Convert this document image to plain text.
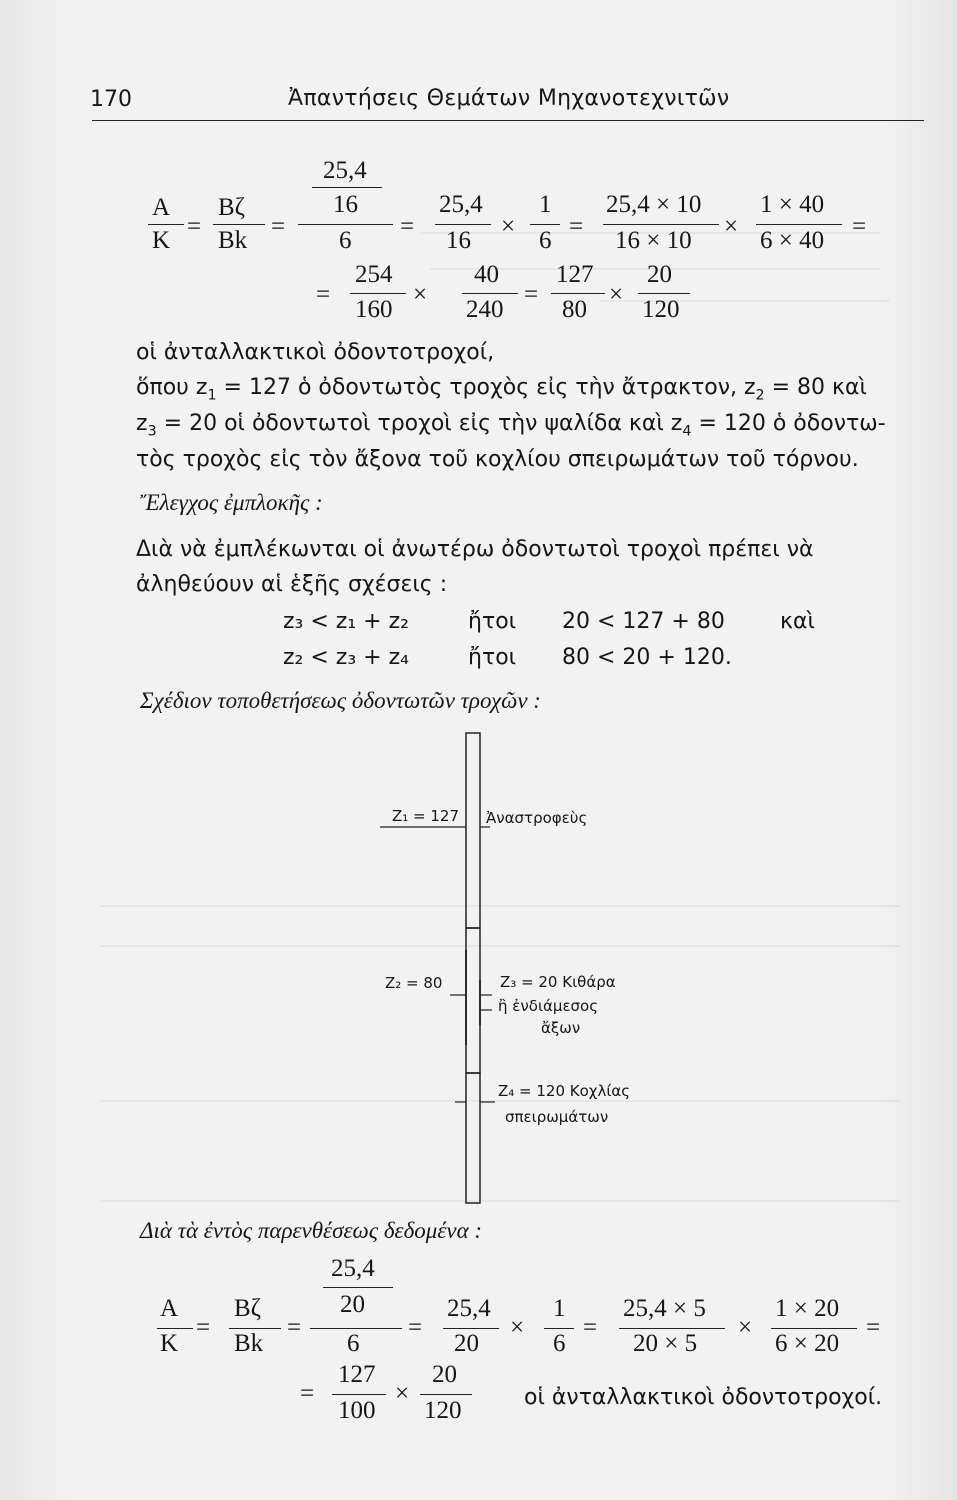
170	Ἀπαντήσεις Θεμάτων Μηχανοτεχνιτῶν
A
K
=
Bζ
Bk
=
25,4
16
6
=
25,4
16
×
1
6
=
25,4 × 10
16 × 10
×
1 × 40
6 × 40
=
=
254
160
×
40
240
=
127
80
×
20
120
οἱ ἀνταλλακτικοὶ ὀδοντοτροχοί,
ὅπου $z_1 = 127$ ὁ ὀδοντωτὸς τροχὸς εἰς τὴν ἄτρακτον, $z_2 = 80$ καὶ
$z_3 = 20$ οἱ ὀδοντωτοὶ τροχοὶ εἰς τὴν ψαλίδα καὶ $z_4 = 120$ ὁ ὀδοντω-
τὸς τροχὸς εἰς τὸν ἄξονα τοῦ κοχλίου σπειρωμάτων τοῦ τόρνου.
Ἔλεγχος ἐμπλοκῆς :
Διὰ νὰ ἐμπλέκωνται οἱ ἀνωτέρω ὀδοντωτοὶ τροχοὶ πρέπει νὰ
ἀληθεύουν αἱ ἑξῆς σχέσεις :
z₃ < z₁ + z₂	ἤτοι 20 < 127 + 80	καὶ
z₂ < z₃ + z₄	ἤτοι 80 < 20 + 120.
Σχέδιον τοποθετήσεως ὀδοντωτῶν τροχῶν :
Z₁ = 127 Ἀναστροφεὺς
Z₂ = 80	Z₃ = 20 Κιθάρα
ἢ ἐνδιάμεσος
ἄξων
Z₄ = 120 Κοχλίας
σπειρωμάτων
Διὰ τὰ ἐντὸς παρενθέσεως δεδομένα :
A
K
=
Bζ
Bk
=
25,4
20
6
=
25,4
20
×
1
6
=
25,4 × 5
20 × 5
×
1 × 20
6 × 20
=
=
127
100
×
20
120	οἱ ἀνταλλακτικοὶ ὀδοντοτροχοί.
